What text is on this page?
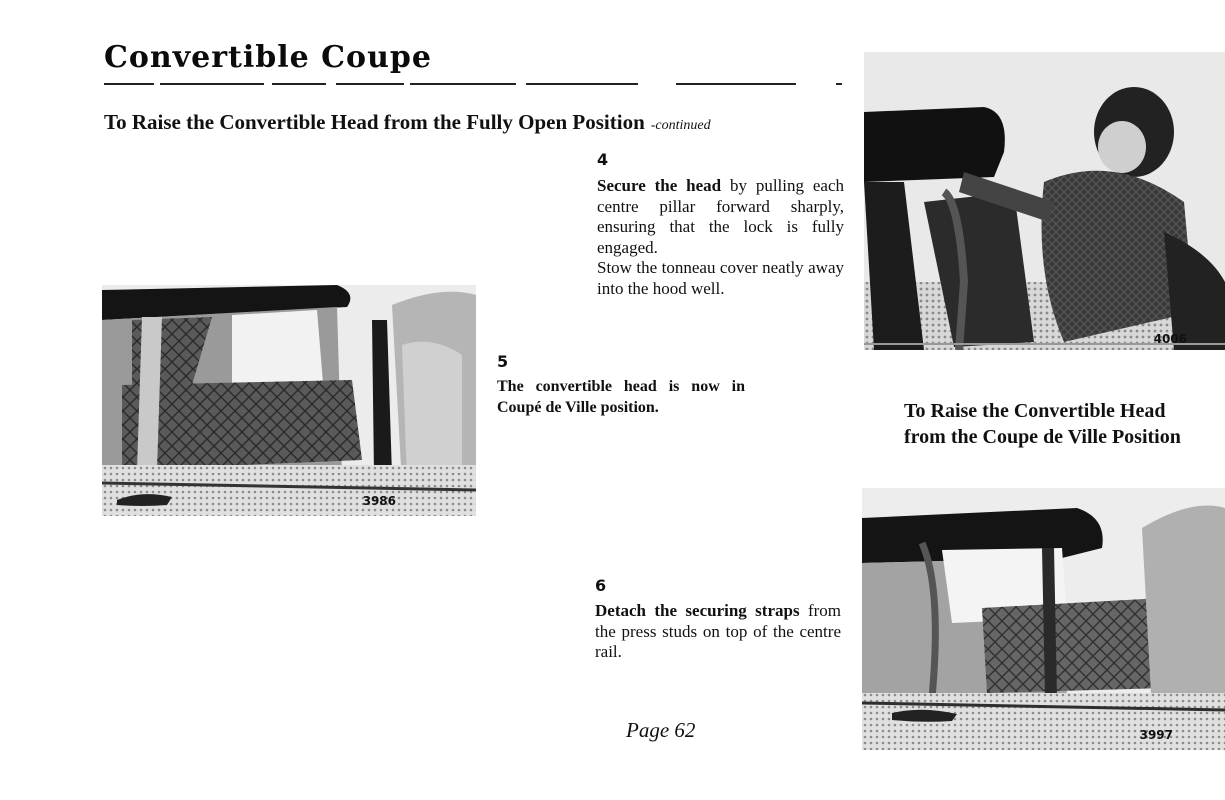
Convertible Coupe
To Raise the Convertible Head from the Fully Open Position -continued
4
Secure the head by pulling each centre pillar forward sharply, ensuring that the lock is fully engaged.
Stow the tonneau cover neatly away into the hood well.
5
The convertible head is now in Coupé de Ville position.
6
Detach the securing straps from the press studs on top of the centre rail.
To Raise the Convertible Head
from the Coupe de Ville Position
4006
3986
3997
Page 62
